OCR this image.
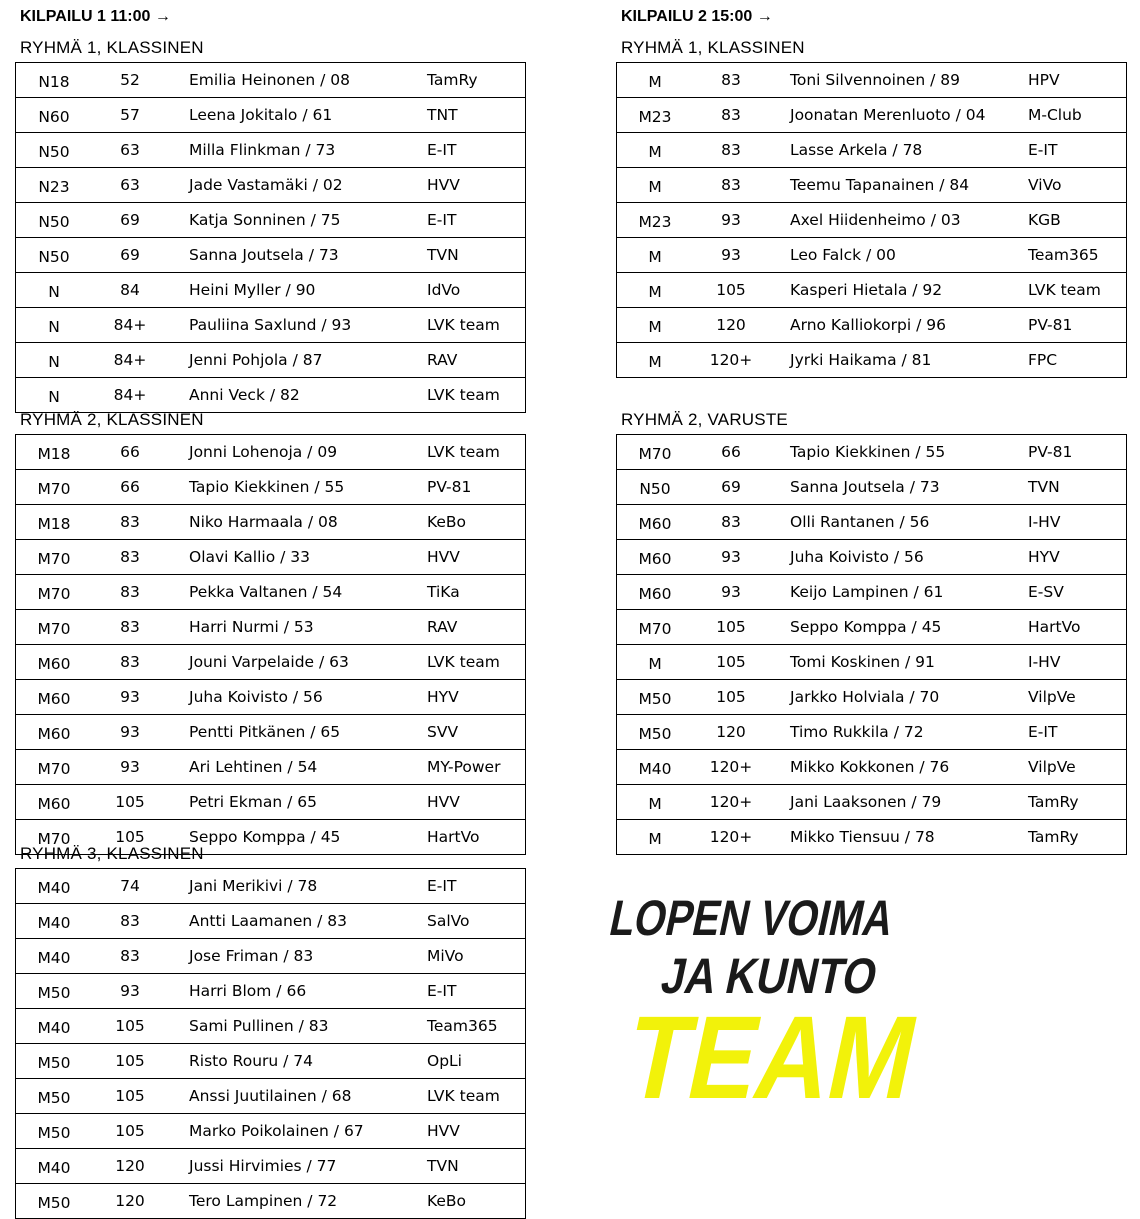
KILPAILU 1 11:00 →	KILPAILU 2 15:00 →
RYHMÄ 1, KLASSINEN
N18	52	Emilia Heinonen / 08	TamRy
N60	57	Leena Jokitalo / 61	TNT
N50	63	Milla Flinkman / 73	E-IT
N23	63	Jade Vastamäki / 02	HVV
N50	69	Katja Sonninen / 75	E-IT
N50	69	Sanna Joutsela / 73	TVN
N	84	Heini Myller / 90	IdVo
N	84+	Pauliina Saxlund / 93	LVK team
N	84+	Jenni Pohjola / 87	RAV
N	84+	Anni Veck / 82	LVK team
RYHMÄ 2, KLASSINEN
M18	66	Jonni Lohenoja / 09	LVK team
M70	66	Tapio Kiekkinen / 55	PV-81
M18	83	Niko Harmaala / 08	KeBo
M70	83	Olavi Kallio / 33	HVV
M70	83	Pekka Valtanen / 54	TiKa
M70	83	Harri Nurmi / 53	RAV
M60	83	Jouni Varpelaide / 63	LVK team
M60	93	Juha Koivisto / 56	HYV
M60	93	Pentti Pitkänen / 65	SVV
M70	93	Ari Lehtinen / 54	MY-Power
M60	105	Petri Ekman / 65	HVV
M70	105	Seppo Komppa / 45	HartVo
RYHMÄ 3, KLASSINEN
M40	74	Jani Merikivi / 78	E-IT
M40	83	Antti Laamanen / 83	SalVo
M40	83	Jose Friman / 83	MiVo
M50	93	Harri Blom / 66	E-IT
M40	105	Sami Pullinen / 83	Team365
M50	105	Risto Rouru / 74	OpLi
M50	105	Anssi Juutilainen / 68	LVK team
M50	105	Marko Poikolainen / 67	HVV
M40	120	Jussi Hirvimies / 77	TVN
M50	120	Tero Lampinen / 72	KeBo
RYHMÄ 1, KLASSINEN
M	83	Toni Silvennoinen / 89	HPV
M23	83	Joonatan Merenluoto / 04	M-Club
M	83	Lasse Arkela / 78	E-IT
M	83	Teemu Tapanainen / 84	ViVo
M23	93	Axel Hiidenheimo / 03	KGB
M	93	Leo Falck / 00	Team365
M	105	Kasperi Hietala / 92	LVK team
M	120	Arno Kalliokorpi / 96	PV-81
M	120+	Jyrki Haikama / 81	FPC
RYHMÄ 2, VARUSTE
M70	66	Tapio Kiekkinen / 55	PV-81
N50	69	Sanna Joutsela / 73	TVN
M60	83	Olli Rantanen / 56	I-HV
M60	93	Juha Koivisto / 56	HYV
M60	93	Keijo Lampinen / 61	E-SV
M70	105	Seppo Komppa / 45	HartVo
M	105	Tomi Koskinen / 91	I-HV
M50	105	Jarkko Holviala / 70	VilpVe
M50	120	Timo Rukkila / 72	E-IT
M40	120+	Mikko Kokkonen / 76	VilpVe
M	120+	Jani Laaksonen / 79	TamRy
M	120+	Mikko Tiensuu / 78	TamRy
LOPEN VOIMA
JA KUNTO
TEAM
